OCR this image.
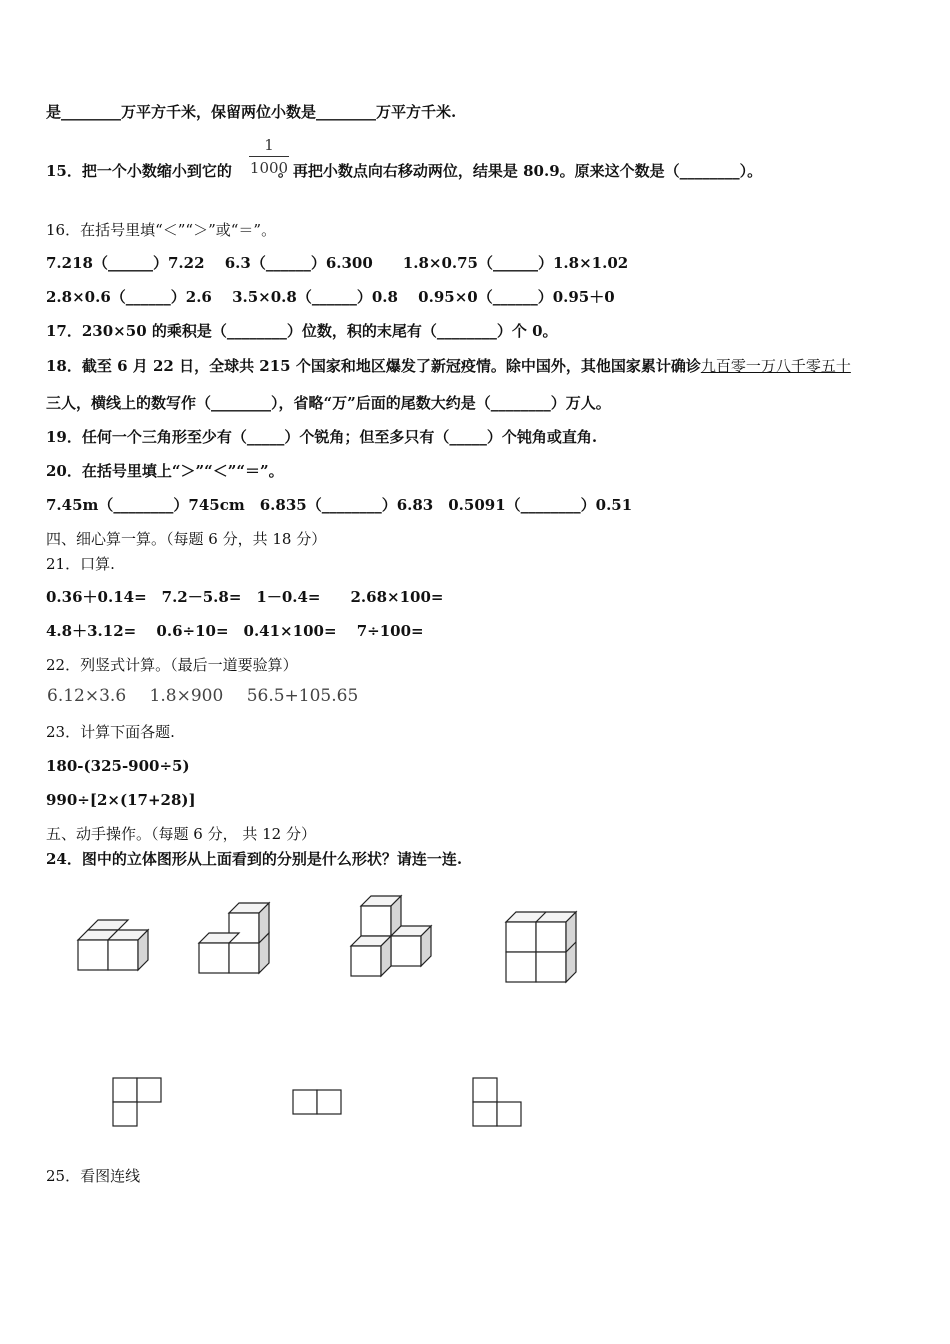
是________万平方千米，保留两位小数是________万平方千米.
15．把一个小数缩小到它的	。再把小数点向右移动两位，结果是 80.9。原来这个数是（________）。
1
1000
16．在括号里填“＜”“＞”或“＝”。
7.218（______）7.22　 6.3（______）6.300　　1.8×0.75（______）1.8×1.02
2.8×0.6（______）2.6　 3.5×0.8（______）0.8　 0.95×0（______）0.95＋0
17．230×50 的乘积是（________）位数，积的末尾有（________）个 0。
18．截至 6 月 22 日，全球共 215 个国家和地区爆发了新冠疫情。除中国外，其他国家累计确诊九百零一万八千零五十
三人，横线上的数写作（________），省略“万”后面的尾数大约是（________）万人。
19．任何一个三角形至少有（_____）个锐角；但至多只有（_____）个钝角或直角.
20．在括号里填上“＞”“＜”“＝”。
7.45m（________）745cm　6.835（________）6.83　0.5091（________）0.51
四、细心算一算。（每题 6 分，共 18 分）
21．口算.
0.36＋0.14=　7.2－5.8=　1－0.4=　　2.68×100=
4.8＋3.12=　 0.6÷10=　0.41×100=　 7÷100=
22．列竖式计算。（最后一道要验算）
6.12×3.6 1.8×900 56.5+105.65
23．计算下面各题.
180-(325-900÷5)
990÷[2×(17+28)]
五、动手操作。（每题 6 分， 共 12 分）
24．图中的立体图形从上面看到的分别是什么形状？请连一连.
25．看图连线
